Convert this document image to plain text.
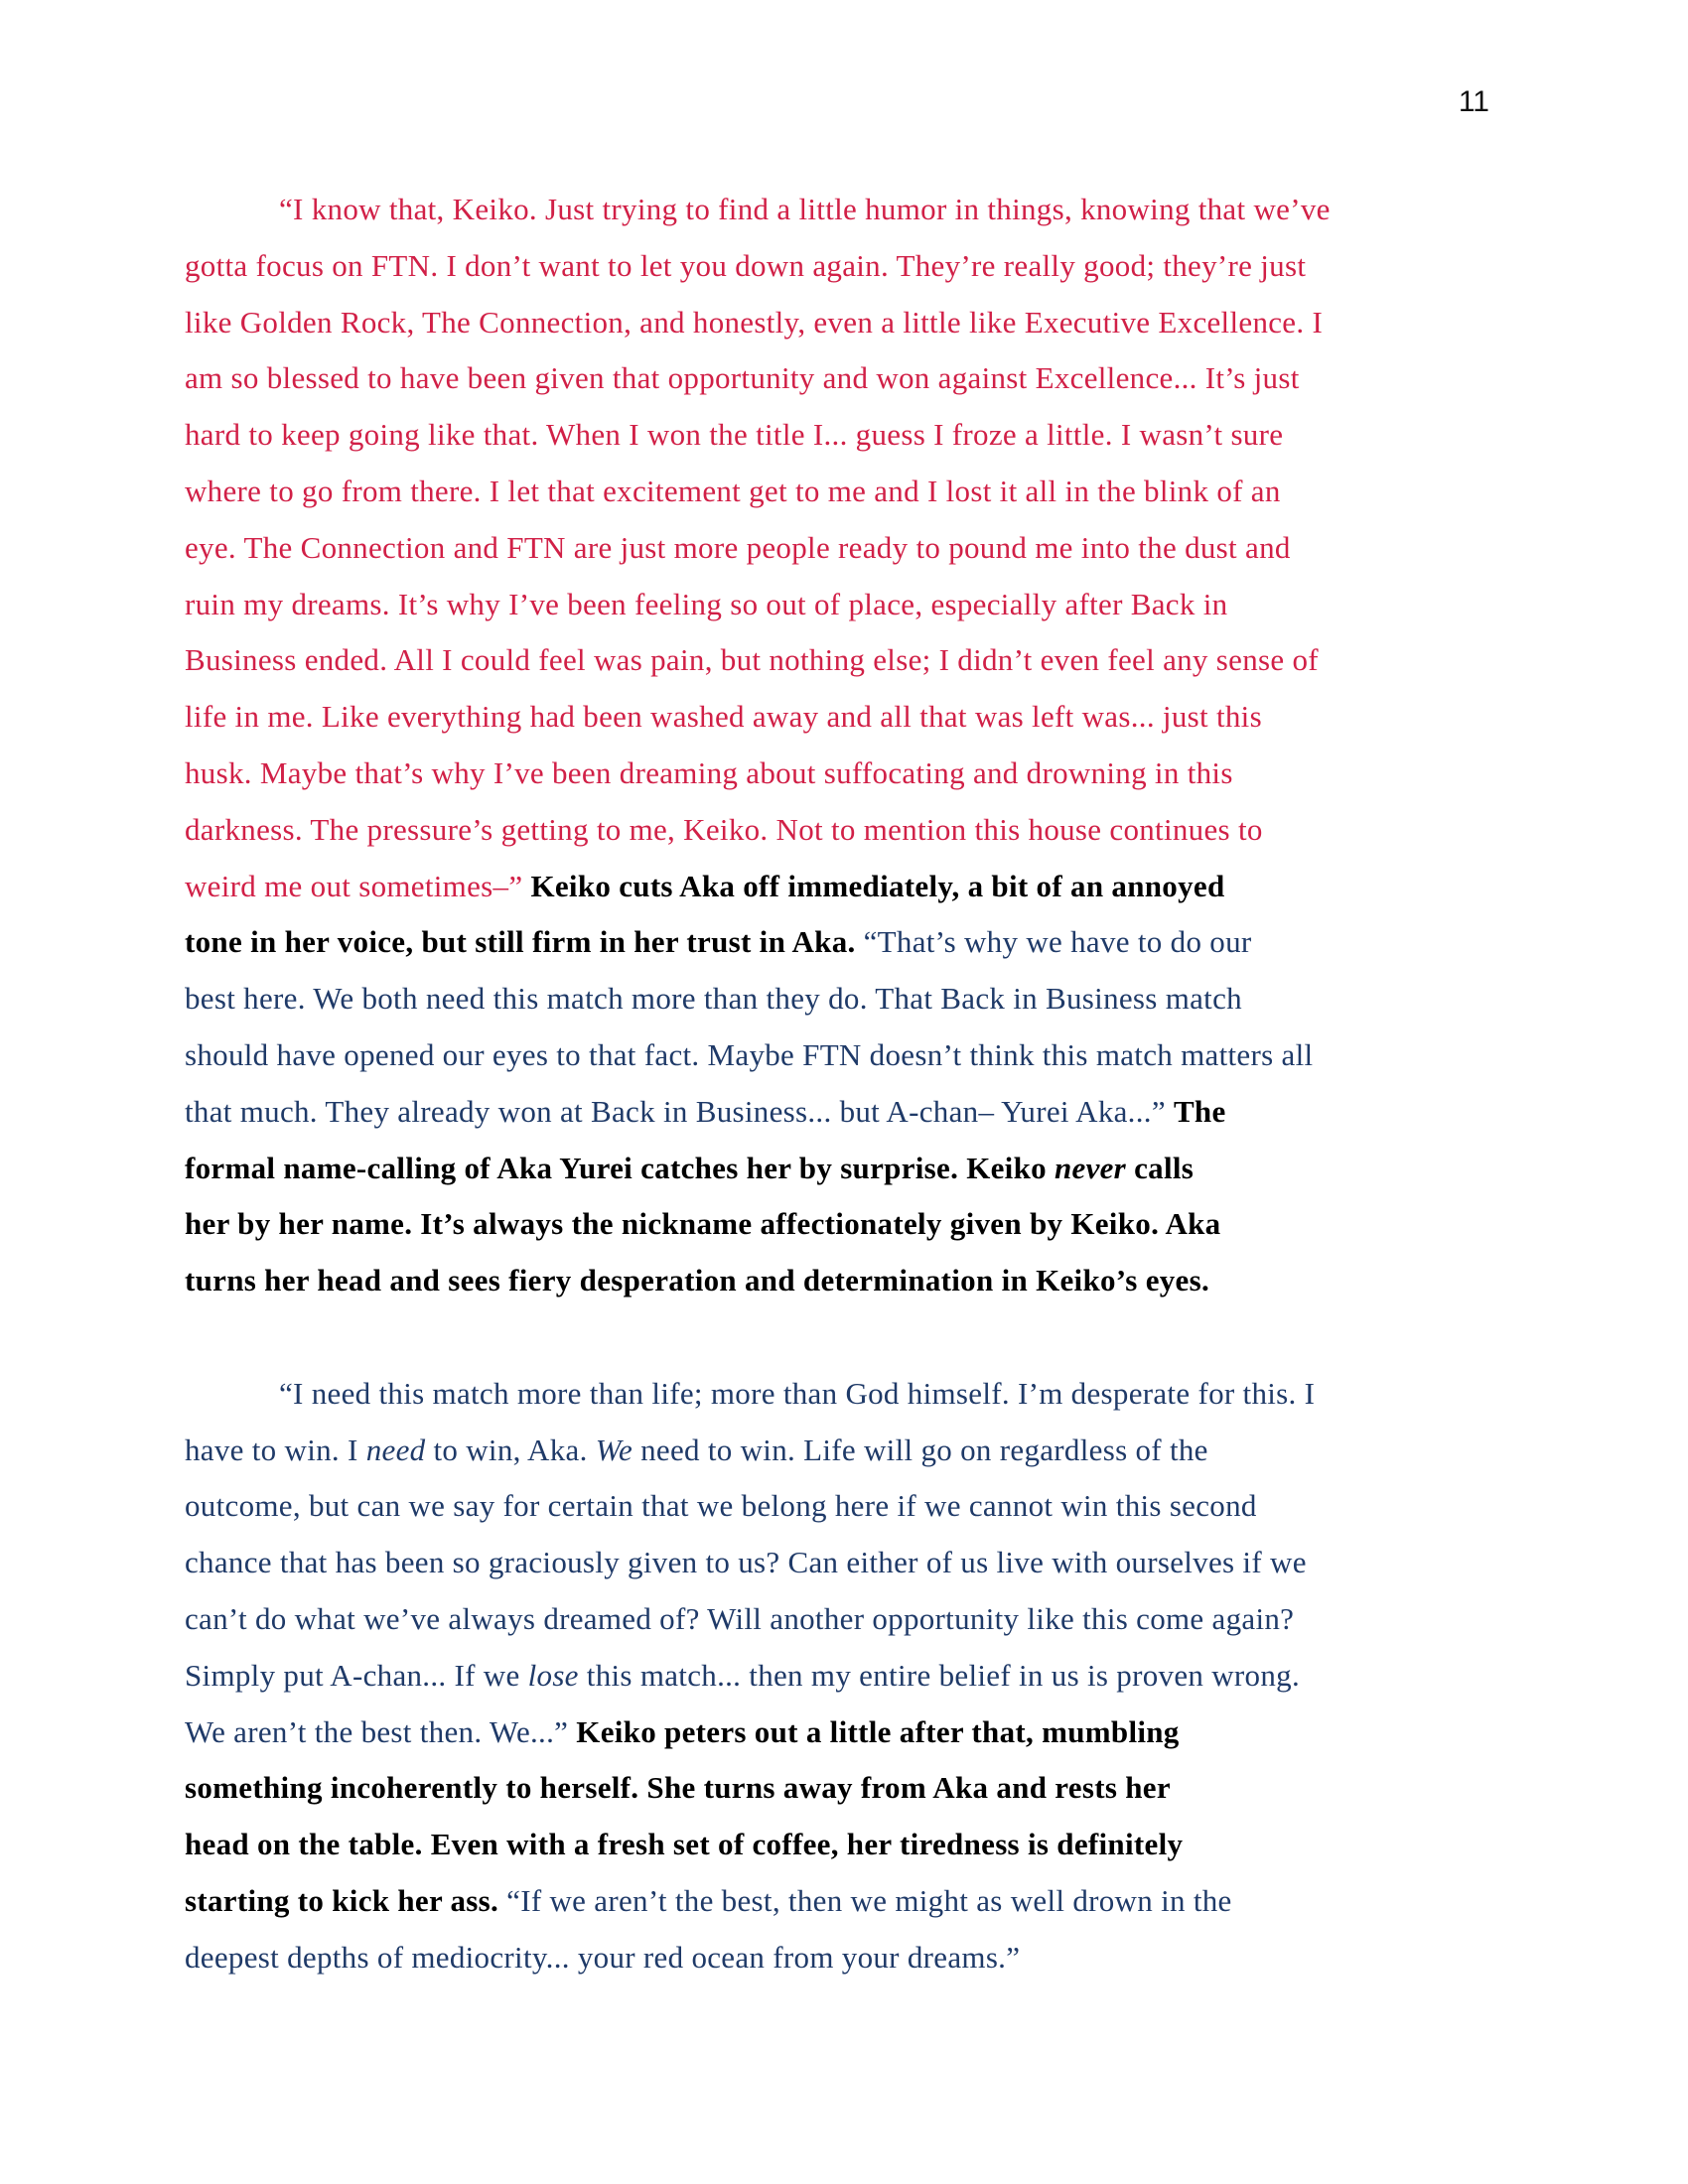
11
“I know that, Keiko. Just trying to find a little humor in things, knowing that we’ve
gotta focus on FTN. I don’t want to let you down again. They’re really good; they’re just
like Golden Rock, The Connection, and honestly, even a little like Executive Excellence. I
am so blessed to have been given that opportunity and won against Excellence... It’s just
hard to keep going like that. When I won the title I... guess I froze a little. I wasn’t sure
where to go from there. I let that excitement get to me and I lost it all in the blink of an
eye. The Connection and FTN are just more people ready to pound me into the dust and
ruin my dreams. It’s why I’ve been feeling so out of place, especially after Back in
Business ended. All I could feel was pain, but nothing else; I didn’t even feel any sense of
life in me. Like everything had been washed away and all that was left was... just this
husk. Maybe that’s why I’ve been dreaming about suffocating and drowning in this
darkness. The pressure’s getting to me, Keiko. Not to mention this house continues to
weird me out sometimes–” Keiko cuts Aka off immediately, a bit of an annoyed
tone in her voice, but still firm in her trust in Aka. “That’s why we have to do our
best here. We both need this match more than they do. That Back in Business match
should have opened our eyes to that fact. Maybe FTN doesn’t think this match matters all
that much. They already won at Back in Business... but A-chan– Yurei Aka...” The
formal name-calling of Aka Yurei catches her by surprise. Keiko never calls
her by her name. It’s always the nickname affectionately given by Keiko. Aka
turns her head and sees fiery desperation and determination in Keiko’s eyes.
“I need this match more than life; more than God himself. I’m desperate for this. I
have to win. I need to win, Aka. We need to win. Life will go on regardless of the
outcome, but can we say for certain that we belong here if we cannot win this second
chance that has been so graciously given to us? Can either of us live with ourselves if we
can’t do what we’ve always dreamed of? Will another opportunity like this come again?
Simply put A-chan... If we lose this match... then my entire belief in us is proven wrong.
We aren’t the best then. We...” Keiko peters out a little after that, mumbling
something incoherently to herself. She turns away from Aka and rests her
head on the table. Even with a fresh set of coffee, her tiredness is definitely
starting to kick her ass. “If we aren’t the best, then we might as well drown in the
deepest depths of mediocrity... your red ocean from your dreams.”
